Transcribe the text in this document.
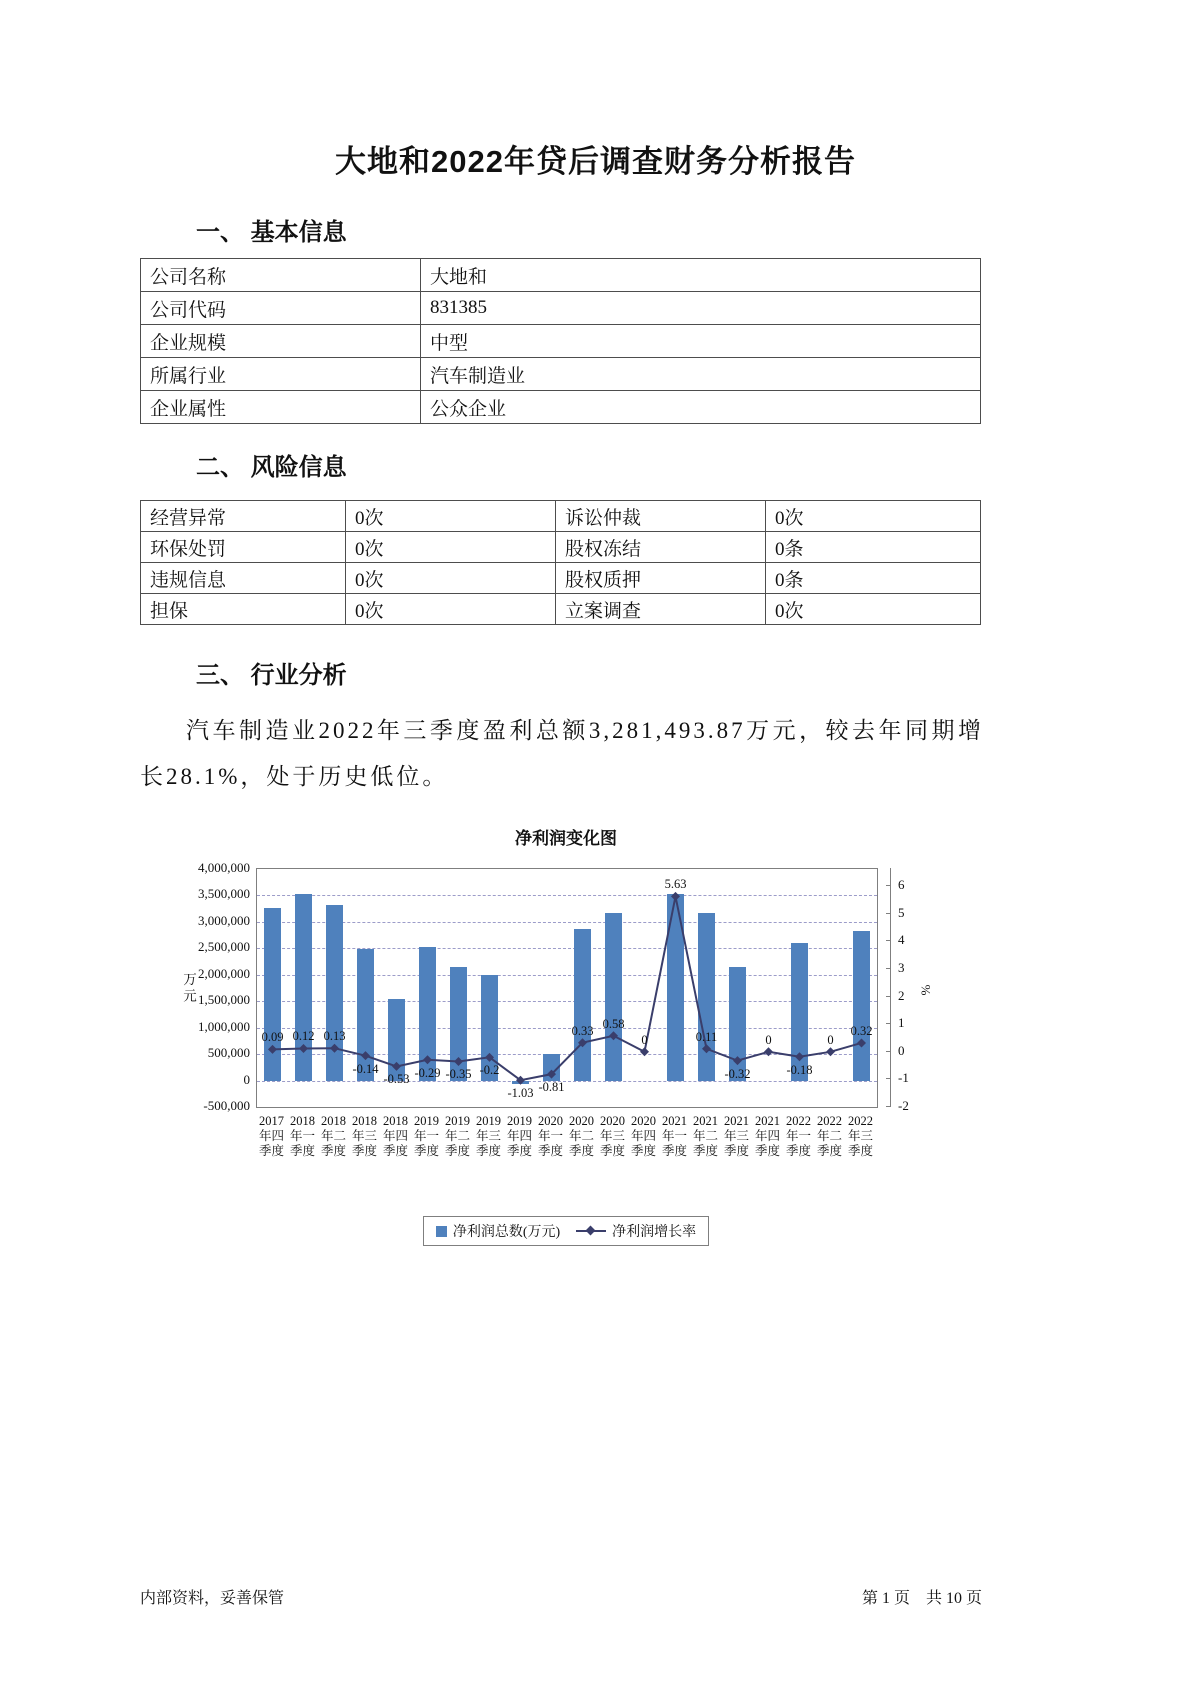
大地和2022年贷后调查财务分析报告
一、 基本信息
公司名称	大地和
公司代码	831385
企业规模	中型
所属行业	汽车制造业
企业属性	公众企业
二、 风险信息
经营异常	0次	诉讼仲裁	0次
环保处罚	0次	股权冻结	0条
违规信息	0次	股权质押	0条
担保	0次	立案调查	0次
三、 行业分析
汽车制造业2022年三季度盈利总额3,281,493.87万元，较去年同期增长28.1%，处于历史低位。
净利润变化图
万元
4,000,000
3,500,000
3,000,000
2,500,000
2,000,000
1,500,000
1,000,000
500,000
0
-500,000
0.09 0.12 0.13
-0.14
-0.53 -0.29 -0.35 -0.2
-1.03 -0.81
0.33 0.58
0
5.63
0.11
-0.32
0
-0.18
0
0.32
6
5
4
3
2
1
0
-1
-2
%
2017年四季度
2018年一季度
2018年二季度
2018年三季度
2018年四季度
2019年一季度
2019年二季度
2019年三季度
2019年四季度
2020年一季度
2020年二季度
2020年三季度
2020年四季度
2021年一季度
2021年二季度
2021年三季度
2021年四季度
2022年一季度
2022年二季度
2022年三季度
净利润总数(万元)	净利润增长率
内部资料，妥善保管	第 1 页　共 10 页
